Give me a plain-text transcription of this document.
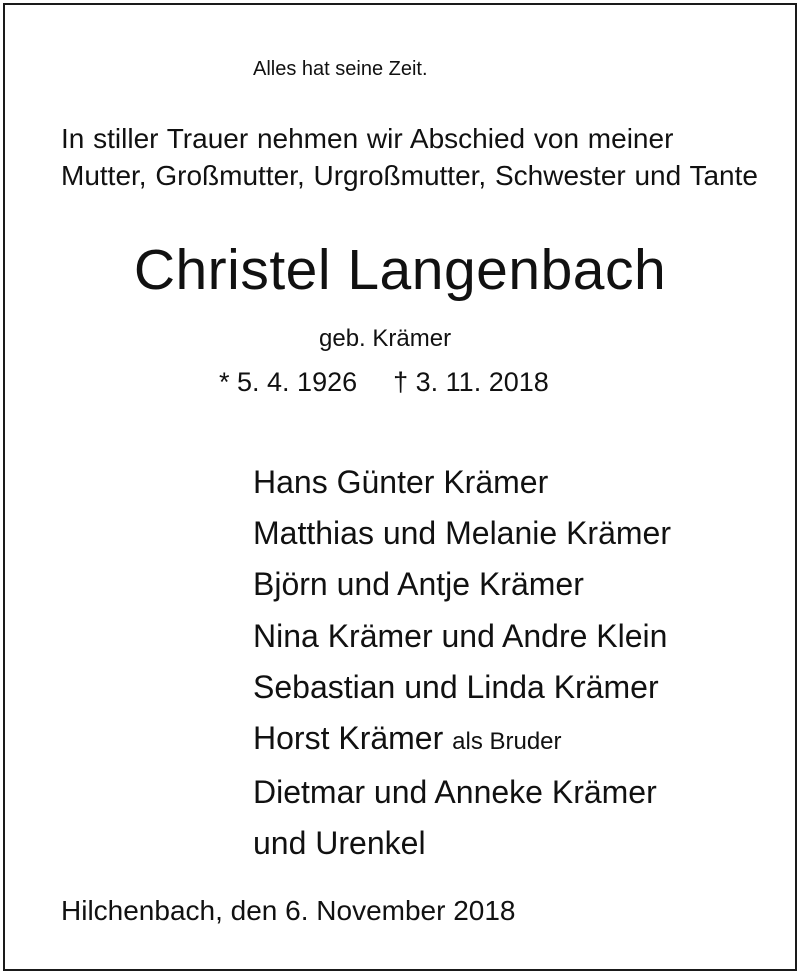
Alles hat seine Zeit.
In stiller Trauer nehmen wir Abschied von meiner Mutter, Großmutter, Urgroßmutter, Schwester und Tante
Christel Langenbach
geb. Krämer
* 5. 4. 1926 † 3. 11. 2018
Hans Günter Krämer
Matthias und Melanie Krämer
Björn und Antje Krämer
Nina Krämer und Andre Klein
Sebastian und Linda Krämer
Horst Krämer als Bruder
Dietmar und Anneke Krämer
und Urenkel
Hilchenbach, den 6. November 2018
